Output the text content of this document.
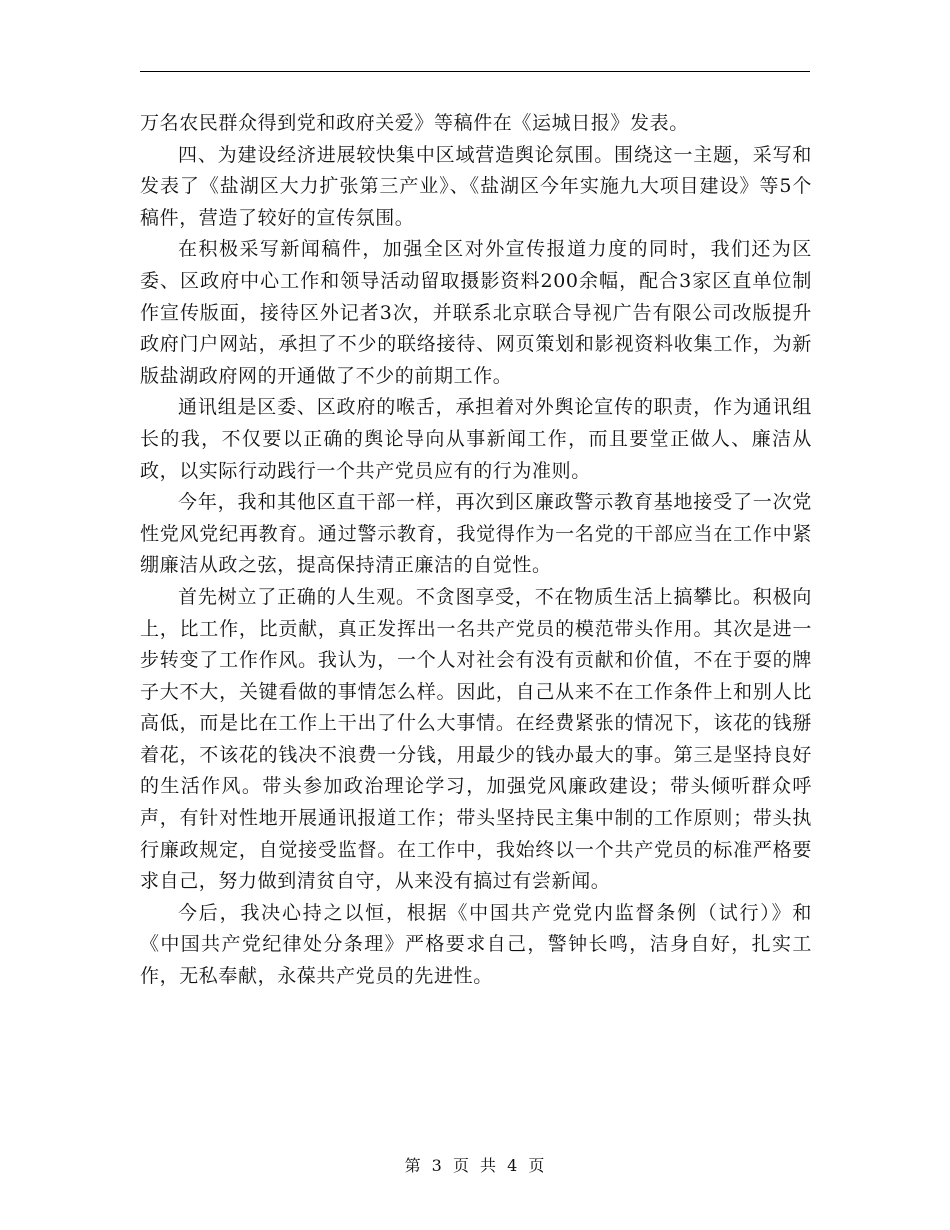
万名农民群众得到党和政府关爱》等稿件在《运城日报》发表。

四、为建设经济进展较快集中区域营造舆论氛围。围绕这一主题，采写和发表了《盐湖区大力扩张第三产业》、《盐湖区今年实施九大项目建设》等5个稿件，营造了较好的宣传氛围。

在积极采写新闻稿件，加强全区对外宣传报道力度的同时，我们还为区委、区政府中心工作和领导活动留取摄影资料200余幅，配合3家区直单位制作宣传版面，接待区外记者3次，并联系北京联合导视广告有限公司改版提升政府门户网站，承担了不少的联络接待、网页策划和影视资料收集工作，为新版盐湖政府网的开通做了不少的前期工作。

通讯组是区委、区政府的喉舌，承担着对外舆论宣传的职责，作为通讯组长的我，不仅要以正确的舆论导向从事新闻工作，而且要堂正做人、廉洁从政，以实际行动践行一个共产党员应有的行为准则。

今年，我和其他区直干部一样，再次到区廉政警示教育基地接受了一次党性党风党纪再教育。通过警示教育，我觉得作为一名党的干部应当在工作中紧绷廉洁从政之弦，提高保持清正廉洁的自觉性。

首先树立了正确的人生观。不贪图享受，不在物质生活上搞攀比。积极向上，比工作，比贡献，真正发挥出一名共产党员的模范带头作用。其次是进一步转变了工作作风。我认为，一个人对社会有没有贡献和价值，不在于耍的牌子大不大，关键看做的事情怎么样。因此，自己从来不在工作条件上和别人比高低，而是比在工作上干出了什么大事情。在经费紧张的情况下，该花的钱掰着花，不该花的钱决不浪费一分钱，用最少的钱办最大的事。第三是坚持良好的生活作风。带头参加政治理论学习，加强党风廉政建设；带头倾听群众呼声，有针对性地开展通讯报道工作；带头坚持民主集中制的工作原则；带头执行廉政规定，自觉接受监督。在工作中，我始终以一个共产党员的标准严格要求自己，努力做到清贫自守，从来没有搞过有尝新闻。

今后，我决心持之以恒，根据《中国共产党党内监督条例（试行）》和《中国共产党纪律处分条理》严格要求自己，警钟长鸣，洁身自好，扎实工作，无私奉献，永葆共产党员的先进性。

第 3 页 共 4 页
